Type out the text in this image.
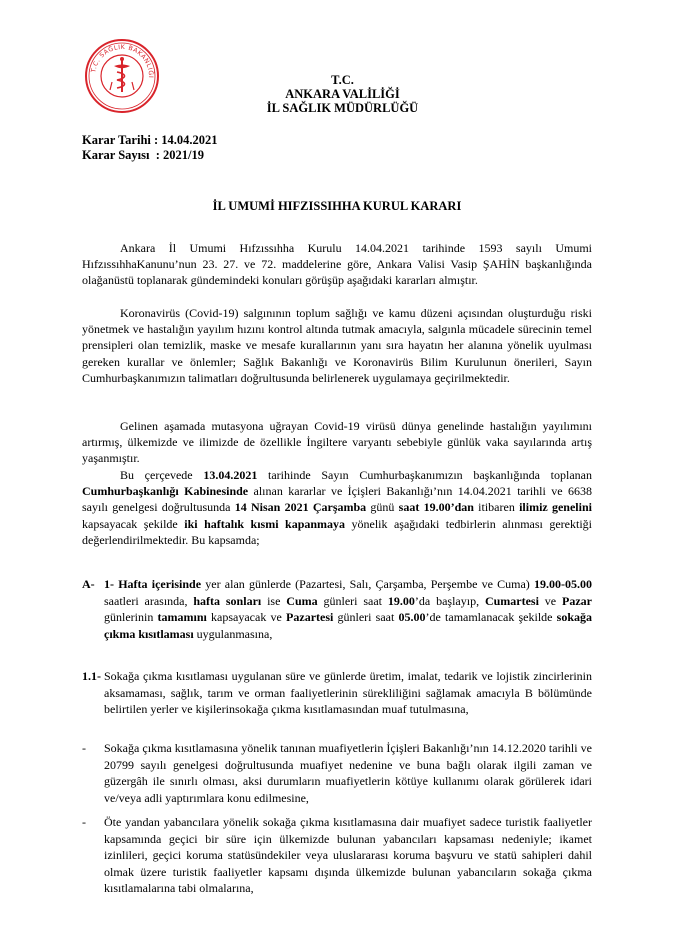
T.C. SAĞLIK BAKANLIĞI	T.C.
ANKARA VALİLİĞİ
İL SAĞLIK MÜDÜRLÜĞÜ
Karar Tarihi : 14.04.2021
Karar Sayısı  : 2021/19
İL UMUMİ HIFZISSIHHA KURUL KARARI

Ankara İl Umumi Hıfzıssıhha Kurulu 14.04.2021 tarihinde 1593 sayılı Umumi HıfzıssıhhaKanunu’nun 23. 27. ve 72. maddelerine göre, Ankara Valisi Vasip ŞAHİN başkanlığında olağanüstü toplanarak gündemindeki konuları görüşüp aşağıdaki kararları almıştır.

Koronavirüs (Covid-19) salgınının toplum sağlığı ve kamu düzeni açısından oluşturduğu riski yönetmek ve hastalığın yayılım hızını kontrol altında tutmak amacıyla, salgınla mücadele sürecinin temel prensipleri olan temizlik, maske ve mesafe kurallarının yanı sıra hayatın her alanına yönelik uyulması gereken kurallar ve önlemler; Sağlık Bakanlığı ve Koronavirüs Bilim Kurulunun önerileri, Sayın Cumhurbaşkanımızın talimatları doğrultusunda belirlenerek uygulamaya geçirilmektedir.

Gelinen aşamada mutasyona uğrayan Covid-19 virüsü dünya genelinde hastalığın yayılımını artırmış, ülkemizde ve ilimizde de özellikle İngiltere varyantı sebebiyle günlük vaka sayılarında artış yaşanmıştır.

Bu çerçevede 13.04.2021 tarihinde Sayın Cumhurbaşkanımızın başkanlığında toplanan Cumhurbaşkanlığı Kabinesinde alınan kararlar ve İçişleri Bakanlığı’nın 14.04.2021 tarihli ve 6638 sayılı genelgesi doğrultusunda 14 Nisan 2021 Çarşamba günü saat 19.00’dan itibaren ilimiz genelini kapsayacak şekilde iki haftalık kısmi kapanmaya yönelik aşağıdaki tedbirlerin alınması gerektiği değerlendirilmektedir. Bu kapsamda;

A- 1- Hafta içerisinde yer alan günlerde (Pazartesi, Salı, Çarşamba, Perşembe ve Cuma) 19.00-05.00 saatleri arasında, hafta sonları ise Cuma günleri saat 19.00’da başlayıp, Cumartesi ve Pazar günlerinin tamamını kapsayacak ve Pazartesi günleri saat 05.00’de tamamlanacak şekilde sokağa çıkma kısıtlaması uygulanmasına,
1.1- Sokağa çıkma kısıtlaması uygulanan süre ve günlerde üretim, imalat, tedarik ve lojistik zincirlerinin aksamaması, sağlık, tarım ve orman faaliyetlerinin sürekliliğini sağlamak amacıyla B bölümünde belirtilen yerler ve kişilerinsokağa çıkma kısıtlamasından muaf tutulmasına,
- Sokağa çıkma kısıtlamasına yönelik tanınan muafiyetlerin İçişleri Bakanlığı’nın 14.12.2020 tarihli ve 20799 sayılı genelgesi doğrultusunda muafiyet nedenine ve buna bağlı olarak ilgili zaman ve güzergâh ile sınırlı olması, aksi durumların muafiyetlerin kötüye kullanımı olarak görülerek idari ve/veya adli yaptırımlara konu edilmesine,
- Öte yandan yabancılara yönelik sokağa çıkma kısıtlamasına dair muafiyet sadece turistik faaliyetler kapsamında geçici bir süre için ülkemizde bulunan yabancıları kapsaması nedeniyle; ikamet izinlileri, geçici koruma statüsündekiler veya uluslararası koruma başvuru ve statü sahipleri dahil olmak üzere turistik faaliyetler kapsamı dışında ülkemizde bulunan yabancıların sokağa çıkma kısıtlamalarına tabi olmalarına,
